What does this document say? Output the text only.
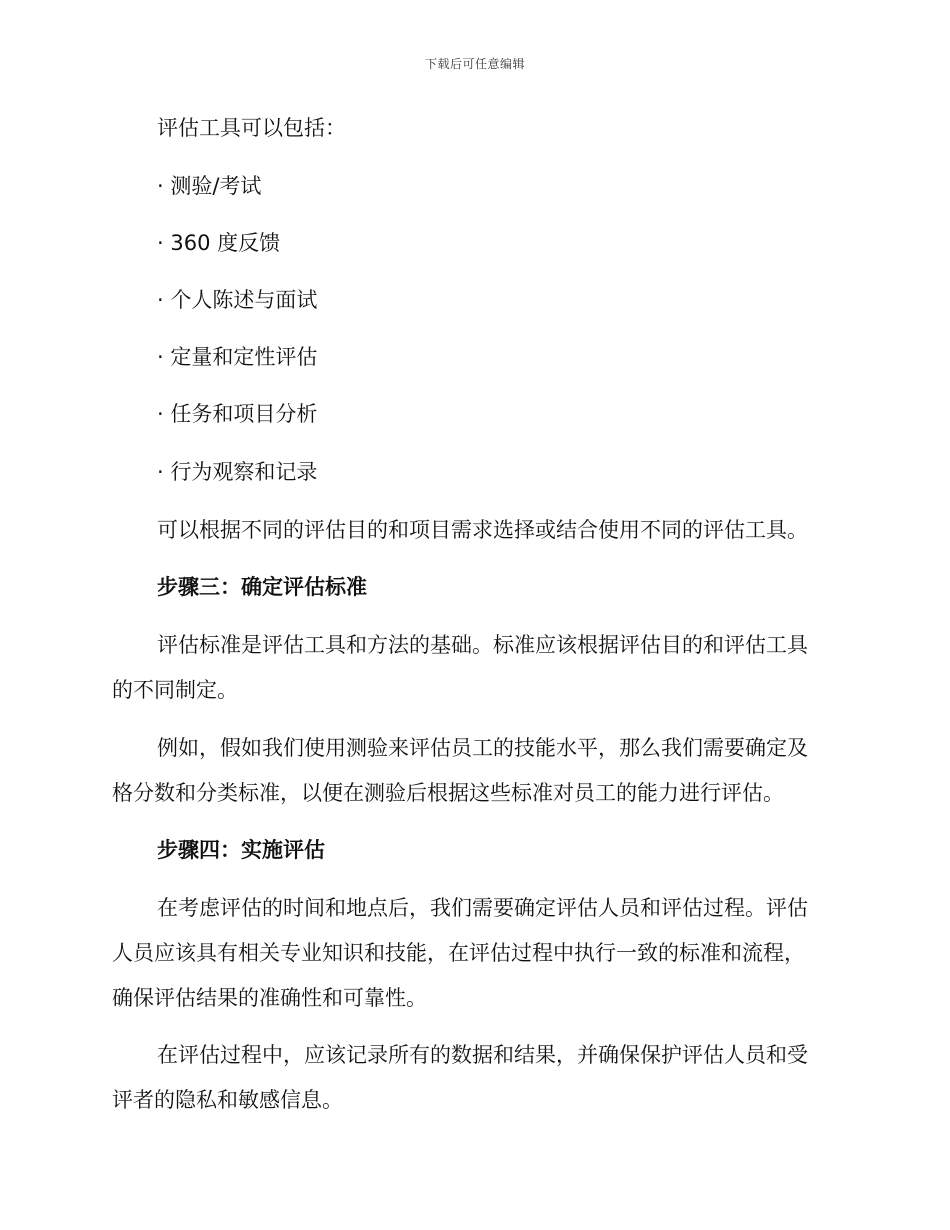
下载后可任意编辑
评估工具可以包括：
· 测验/考试
· 360 度反馈
· 个人陈述与面试
· 定量和定性评估
· 任务和项目分析
· 行为观察和记录
可以根据不同的评估目的和项目需求选择或结合使用不同的评估工具。
步骤三：确定评估标准
评估标准是评估工具和方法的基础。标准应该根据评估目的和评估工具
的不同制定。
例如，假如我们使用测验来评估员工的技能水平，那么我们需要确定及
格分数和分类标准，以便在测验后根据这些标准对员工的能力进行评估。
步骤四：实施评估
在考虑评估的时间和地点后，我们需要确定评估人员和评估过程。评估
人员应该具有相关专业知识和技能，在评估过程中执行一致的标准和流程，
确保评估结果的准确性和可靠性。
在评估过程中，应该记录所有的数据和结果，并确保保护评估人员和受
评者的隐私和敏感信息。
